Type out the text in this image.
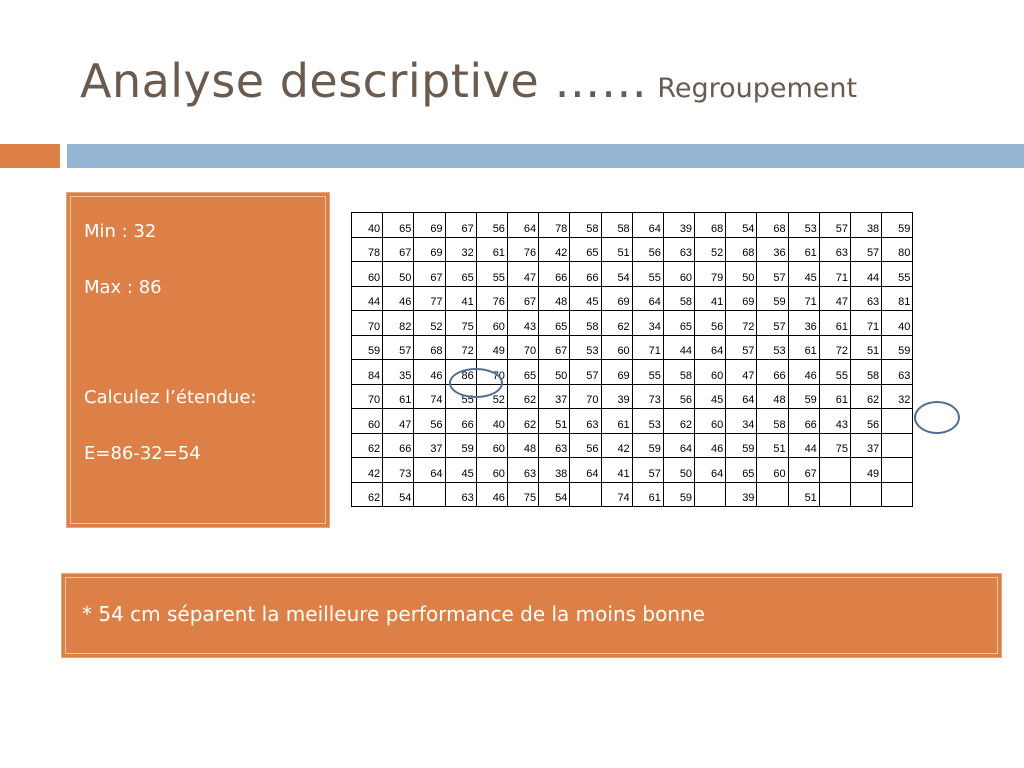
Analyse descriptive …… Regroupement

Min : 32

Max : 86

Calculez l’étendue:

E=86-32=54

40	65	69	67	56	64	78	58	58	64	39	68	54	68	53	57	38	59
78	67	69	32	61	76	42	65	51	56	63	52	68	36	61	63	57	80
60	50	67	65	55	47	66	66	54	55	60	79	50	57	45	71	44	55
44	46	77	41	76	67	48	45	69	64	58	41	69	59	71	47	63	81
70	82	52	75	60	43	65	58	62	34	65	56	72	57	36	61	71	40
59	57	68	72	49	70	67	53	60	71	44	64	57	53	61	72	51	59
84	35	46	86	70	65	50	57	69	55	58	60	47	66	46	55	58	63
70	61	74	55	52	62	37	70	39	73	56	45	64	48	59	61	62	32
60	47	56	66	40	62	51	63	61	53	62	60	34	58	66	43	56	
62	66	37	59	60	48	63	56	42	59	64	46	59	51	44	75	37	
42	73	64	45	60	63	38	64	41	57	50	64	65	60	67		49	
62	54		63	46	75	54		74	61	59		39		51			

* 54 cm séparent la meilleure performance de la moins bonne
